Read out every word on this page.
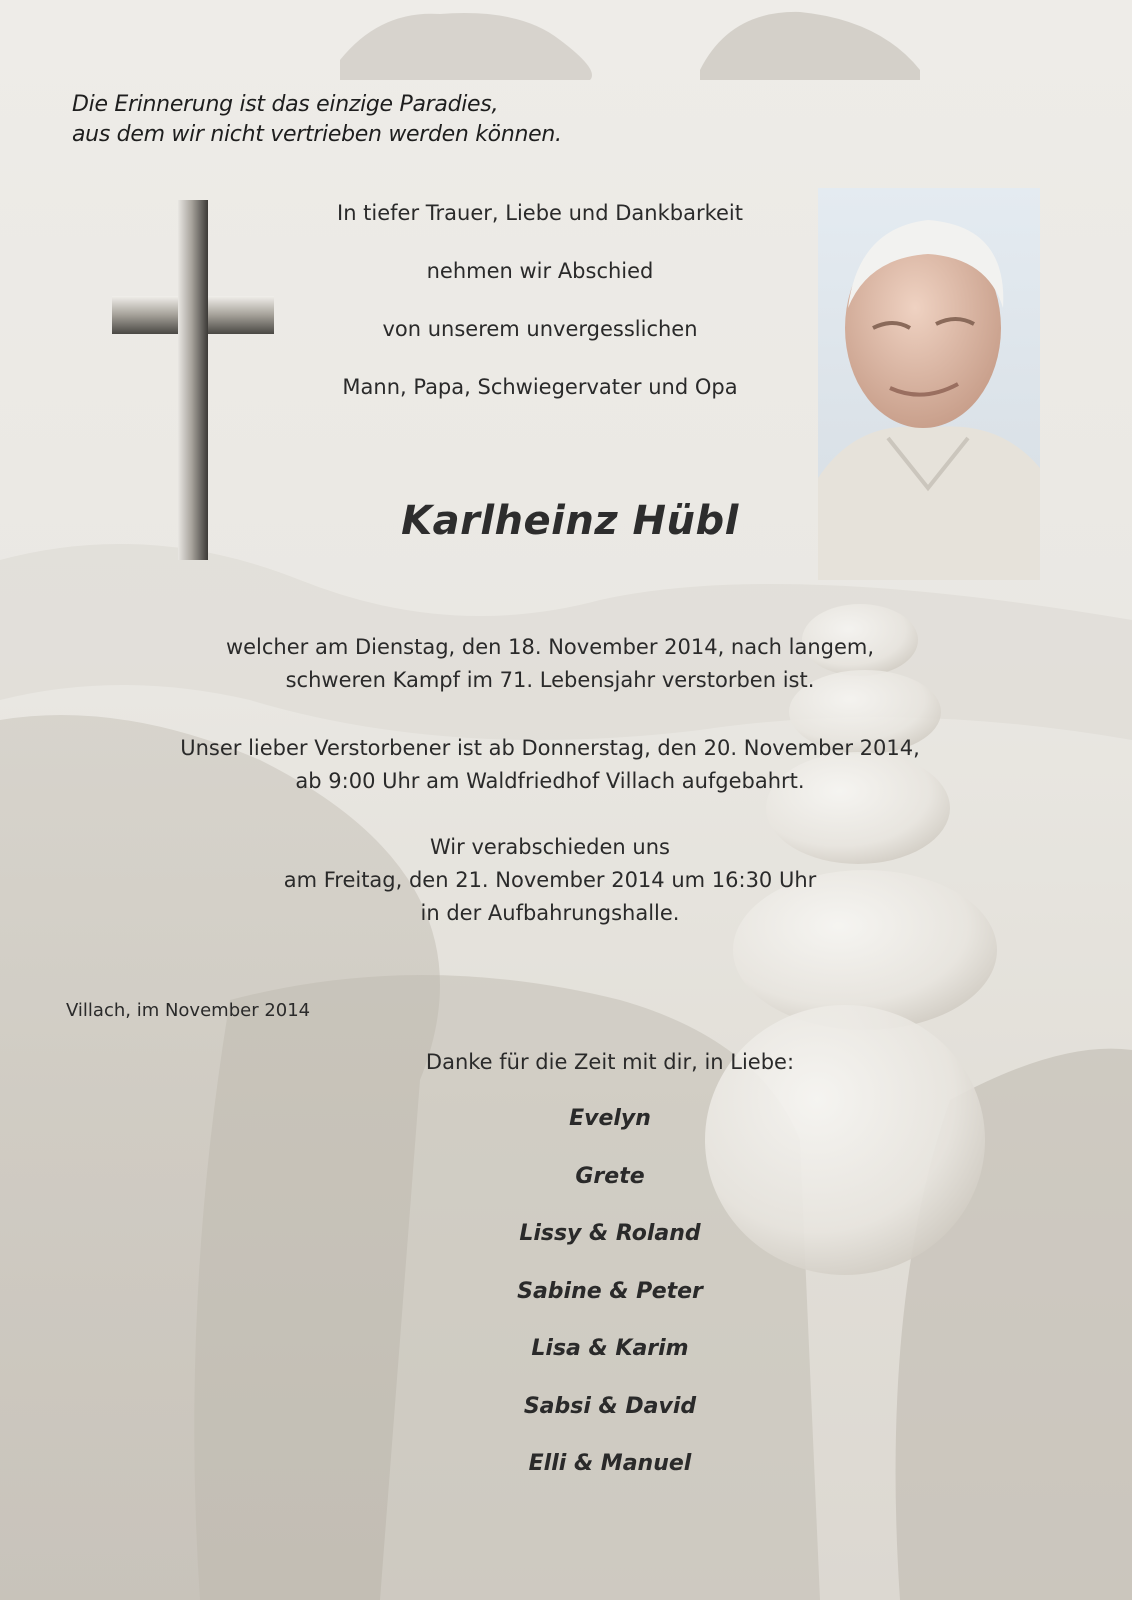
Die Erinnerung ist das einzige Paradies,
aus dem wir nicht vertrieben werden können.
In tiefer Trauer, Liebe und Dankbarkeit
nehmen wir Abschied
von unserem unvergesslichen
Mann, Papa, Schwiegervater und Opa
Karlheinz Hübl
welcher am Dienstag, den 18. November 2014, nach langem,
schweren Kampf im 71. Lebensjahr verstorben ist.
Unser lieber Verstorbener ist ab Donnerstag, den 20. November 2014,
ab 9:00 Uhr am Waldfriedhof Villach aufgebahrt.
Wir verabschieden uns
am Freitag, den 21. November 2014 um 16:30 Uhr
in der Aufbahrungshalle.
Villach, im November 2014
Danke für die Zeit mit dir, in Liebe:
Evelyn
Grete
Lissy & Roland
Sabine & Peter
Lisa & Karim
Sabsi & David
Elli & Manuel
